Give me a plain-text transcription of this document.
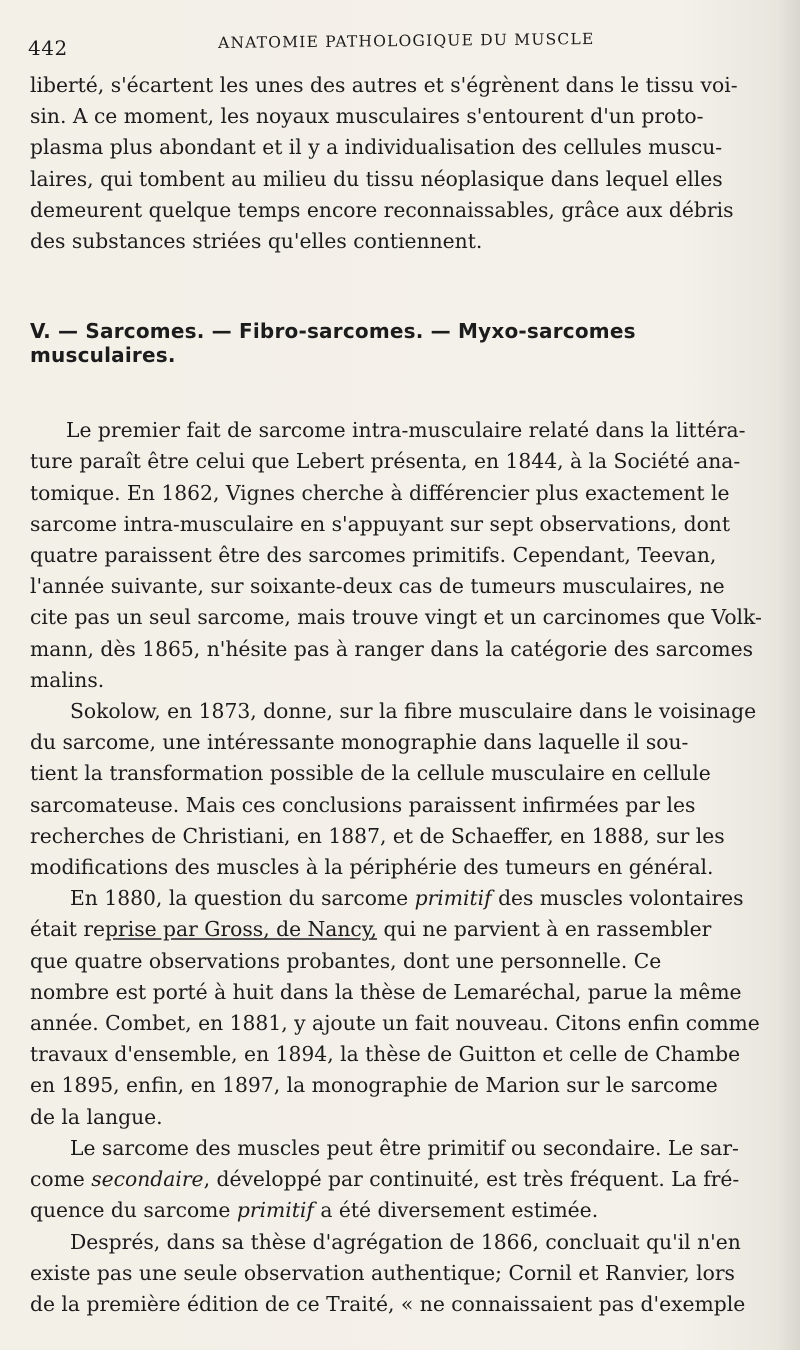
442	ANATOMIE PATHOLOGIQUE DU MUSCLE

liberté, s'écartent les unes des autres et s'égrènent dans le tissu voi-
sin. A ce moment, les noyaux musculaires s'entourent d'un proto-
plasma plus abondant et il y a individualisation des cellules muscu-
laires, qui tombent au milieu du tissu néoplasique dans lequel elles
demeurent quelque temps encore reconnaissables, grâce aux débris
des substances striées qu'elles contiennent.

V. — Sarcomes. — Fibro-sarcomes. — Myxo-sarcomes musculaires.

Le premier fait de sarcome intra-musculaire relaté dans la littéra-
ture paraît être celui que Lebert présenta, en 1844, à la Société ana-
tomique. En 1862, Vignes cherche à différencier plus exactement le
sarcome intra-musculaire en s'appuyant sur sept observations, dont
quatre paraissent être des sarcomes primitifs. Cependant, Teevan,
l'année suivante, sur soixante-deux cas de tumeurs musculaires, ne
cite pas un seul sarcome, mais trouve vingt et un carcinomes que Volk-
mann, dès 1865, n'hésite pas à ranger dans la catégorie des sarcomes
malins.

Sokolow, en 1873, donne, sur la fibre musculaire dans le voisinage
du sarcome, une intéressante monographie dans laquelle il sou-
tient la transformation possible de la cellule musculaire en cellule
sarcomateuse. Mais ces conclusions paraissent infirmées par les
recherches de Christiani, en 1887, et de Schaeffer, en 1888, sur les
modifications des muscles à la périphérie des tumeurs en général.

En 1880, la question du sarcome primitif des muscles volontaires
était reprise par Gross, de Nancy, qui ne parvient à en rassembler
que quatre observations probantes, dont une personnelle. Ce
nombre est porté à huit dans la thèse de Lemaréchal, parue la même
année. Combet, en 1881, y ajoute un fait nouveau. Citons enfin comme
travaux d'ensemble, en 1894, la thèse de Guitton et celle de Chambe
en 1895, enfin, en 1897, la monographie de Marion sur le sarcome
de la langue.

Le sarcome des muscles peut être primitif ou secondaire. Le sar-
come secondaire, développé par continuité, est très fréquent. La fré-
quence du sarcome primitif a été diversement estimée.

Després, dans sa thèse d'agrégation de 1866, concluait qu'il n'en
existe pas une seule observation authentique; Cornil et Ranvier, lors
de la première édition de ce Traité, « ne connaissaient pas d'exemple
